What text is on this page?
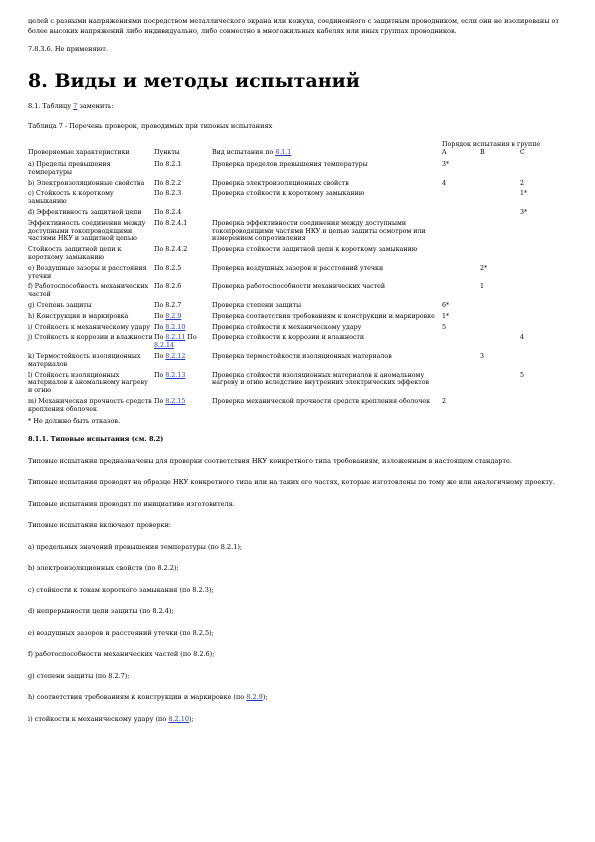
целей с разными напряжениями посредством металлического экрана или кожуха, соединенного с защитным проводником, если они не изолированы от более высоких напряжений либо индивидуально, либо совместно в многожильных кабелях или иных группах проводников.

7.8.3.6. Не применяют.

8. Виды и методы испытаний

8.1. Таблицу 7 заменить:

Таблица 7 - Перечень проверок, проводимых при типовых испытаниях

Проверяемые характеристики	Пункты	Вид испытания по 8.1.1	Порядок испытания в группе		
			A	B	C
а) Пределы превышения температуры	По 8.2.1	Проверка пределов превышения температуры	3*		
b) Электроизоляционные свойства	По 8.2.2	Проверка электроизоляционных свойств	4		2
c) Стойкость к короткому замыканию	По 8.2.3	Проверка стойкости к короткому замыканию			1*
d) Эффективность защитной цепи	По 8.2.4				3*
Эффективность соединения между доступными токопроводящими частями НКУ и защитной цепью	По 8.2.4.1	Проверка эффективности соединения между доступными токопроводящими частями НКУ и цепью защиты осмотром или измерением сопротивления			
Стойкость защитной цепи к короткому замыканию	По 8.2.4.2	Проверка стойкости защитной цепи к короткому замыканию			
e) Воздушные зазоры и расстояния утечки	По 8.2.5	Проверка воздушных зазоров и расстояний утечки		2*	
f) Работоспособность механических частей	По 8.2.6	Проверка работоспособности механических частей		1	
g) Степень защиты	По 8.2.7	Проверка степени защиты	6*		
h) Конструкция и маркировка	По 8.2.9	Проверка соответствия требованиям к конструкции и маркировке	1*		
i) Стойкость к механическому удару	По 8.2.10	Проверка стойкости к механическому удару	5		
j) Стойкость к коррозии и влажности	По 8.2.11 По 8.2.14	Проверка стойкости к коррозии и влажности			4
k) Термостойкость изоляционных материалов	По 8.2.12	Проверка термостойкости изоляционных материалов		3	
l) Стойкость изоляционных материалов к аномальному нагреву и огню	По 8.2.13	Проверка стойкости изоляционных материалов к аномальному нагреву и огню вследствие внутренних электрических эффектов			5
m) Механическая прочность средств крепления оболочек	По 8.2.15	Проверка механической прочности средств крепления оболочек	2		

* Не должно быть отказов.

8.1.1. Типовые испытания (см. 8.2)

Типовые испытания предназначены для проверки соответствия НКУ конкретного типа требованиям, изложенным в настоящем стандарте.

Типовые испытания проводят на образце НКУ конкретного типа или на таких его частях, которые изготовлены по тому же или аналогичному проекту.

Типовые испытания проводят по инициативе изготовителя.

Типовые испытания включают проверки:

a) предельных значений превышения температуры (по 8.2.1);

b) электроизоляционных свойств (по 8.2.2);

c) стойкости к токам короткого замыкания (по 8.2.3);

d) непрерывности цепи защиты (по 8.2.4);

e) воздушных зазоров и расстояний утечки (по 8.2.5);

f) работоспособности механических частей (по 8.2.6);

g) степени защиты (по 8.2.7);

h) соответствия требованиям к конструкции и маркировке (по 8.2.9);

i) стойкости к механическому удару (по 8.2.10);
